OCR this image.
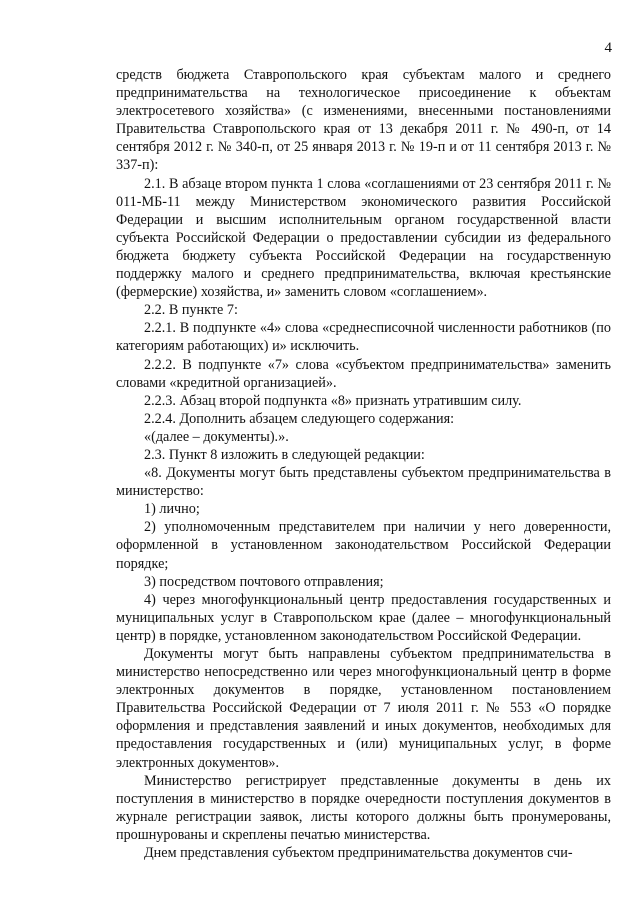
4

средств бюджета Ставропольского края субъектам малого и среднего предпринимательства на технологическое присоединение к объектам электросетевого хозяйства» (с изменениями, внесенными постановлениями Правительства Ставропольского края от 13 декабря 2011 г. № 490-п, от 14 сентября 2012 г. № 340-п, от 25 января 2013 г. № 19-п и от 11 сентября 2013 г. № 337-п):

2.1. В абзаце втором пункта 1 слова «соглашениями от 23 сентября 2011 г. № 011-МБ-11 между Министерством экономического развития Российской Федерации и высшим исполнительным органом государственной власти субъекта Российской Федерации о предоставлении субсидии из федерального бюджета бюджету субъекта Российской Федерации на государственную поддержку малого и среднего предпринимательства, включая крестьянские (фермерские) хозяйства, и» заменить словом «соглашением».

2.2. В пункте 7:

2.2.1. В подпункте «4» слова «среднесписочной численности работников (по категориям работающих) и» исключить.

2.2.2. В подпункте «7» слова «субъектом предпринимательства» заменить словами «кредитной организацией».

2.2.3. Абзац второй подпункта «8» признать утратившим силу.

2.2.4. Дополнить абзацем следующего содержания:

«(далее – документы).».

2.3. Пункт 8 изложить в следующей редакции:

«8. Документы могут быть представлены субъектом предпринимательства в министерство:

1) лично;

2) уполномоченным представителем при наличии у него доверенности, оформленной в установленном законодательством Российской Федерации порядке;

3) посредством почтового отправления;

4) через многофункциональный центр предоставления государственных и муниципальных услуг в Ставропольском крае (далее – многофункциональный центр) в порядке, установленном законодательством Российской Федерации.

Документы могут быть направлены субъектом предпринимательства в министерство непосредственно или через многофункциональный центр в форме электронных документов в порядке, установленном постановлением Правительства Российской Федерации от 7 июля 2011 г. № 553 «О порядке оформления и представления заявлений и иных документов, необходимых для предоставления государственных и (или) муниципальных услуг, в форме электронных документов».

Министерство регистрирует представленные документы в день их поступления в министерство в порядке очередности поступления документов в журнале регистрации заявок, листы которого должны быть пронумерованы, прошнурованы и скреплены печатью министерства.

Днем представления субъектом предпринимательства документов счи-
